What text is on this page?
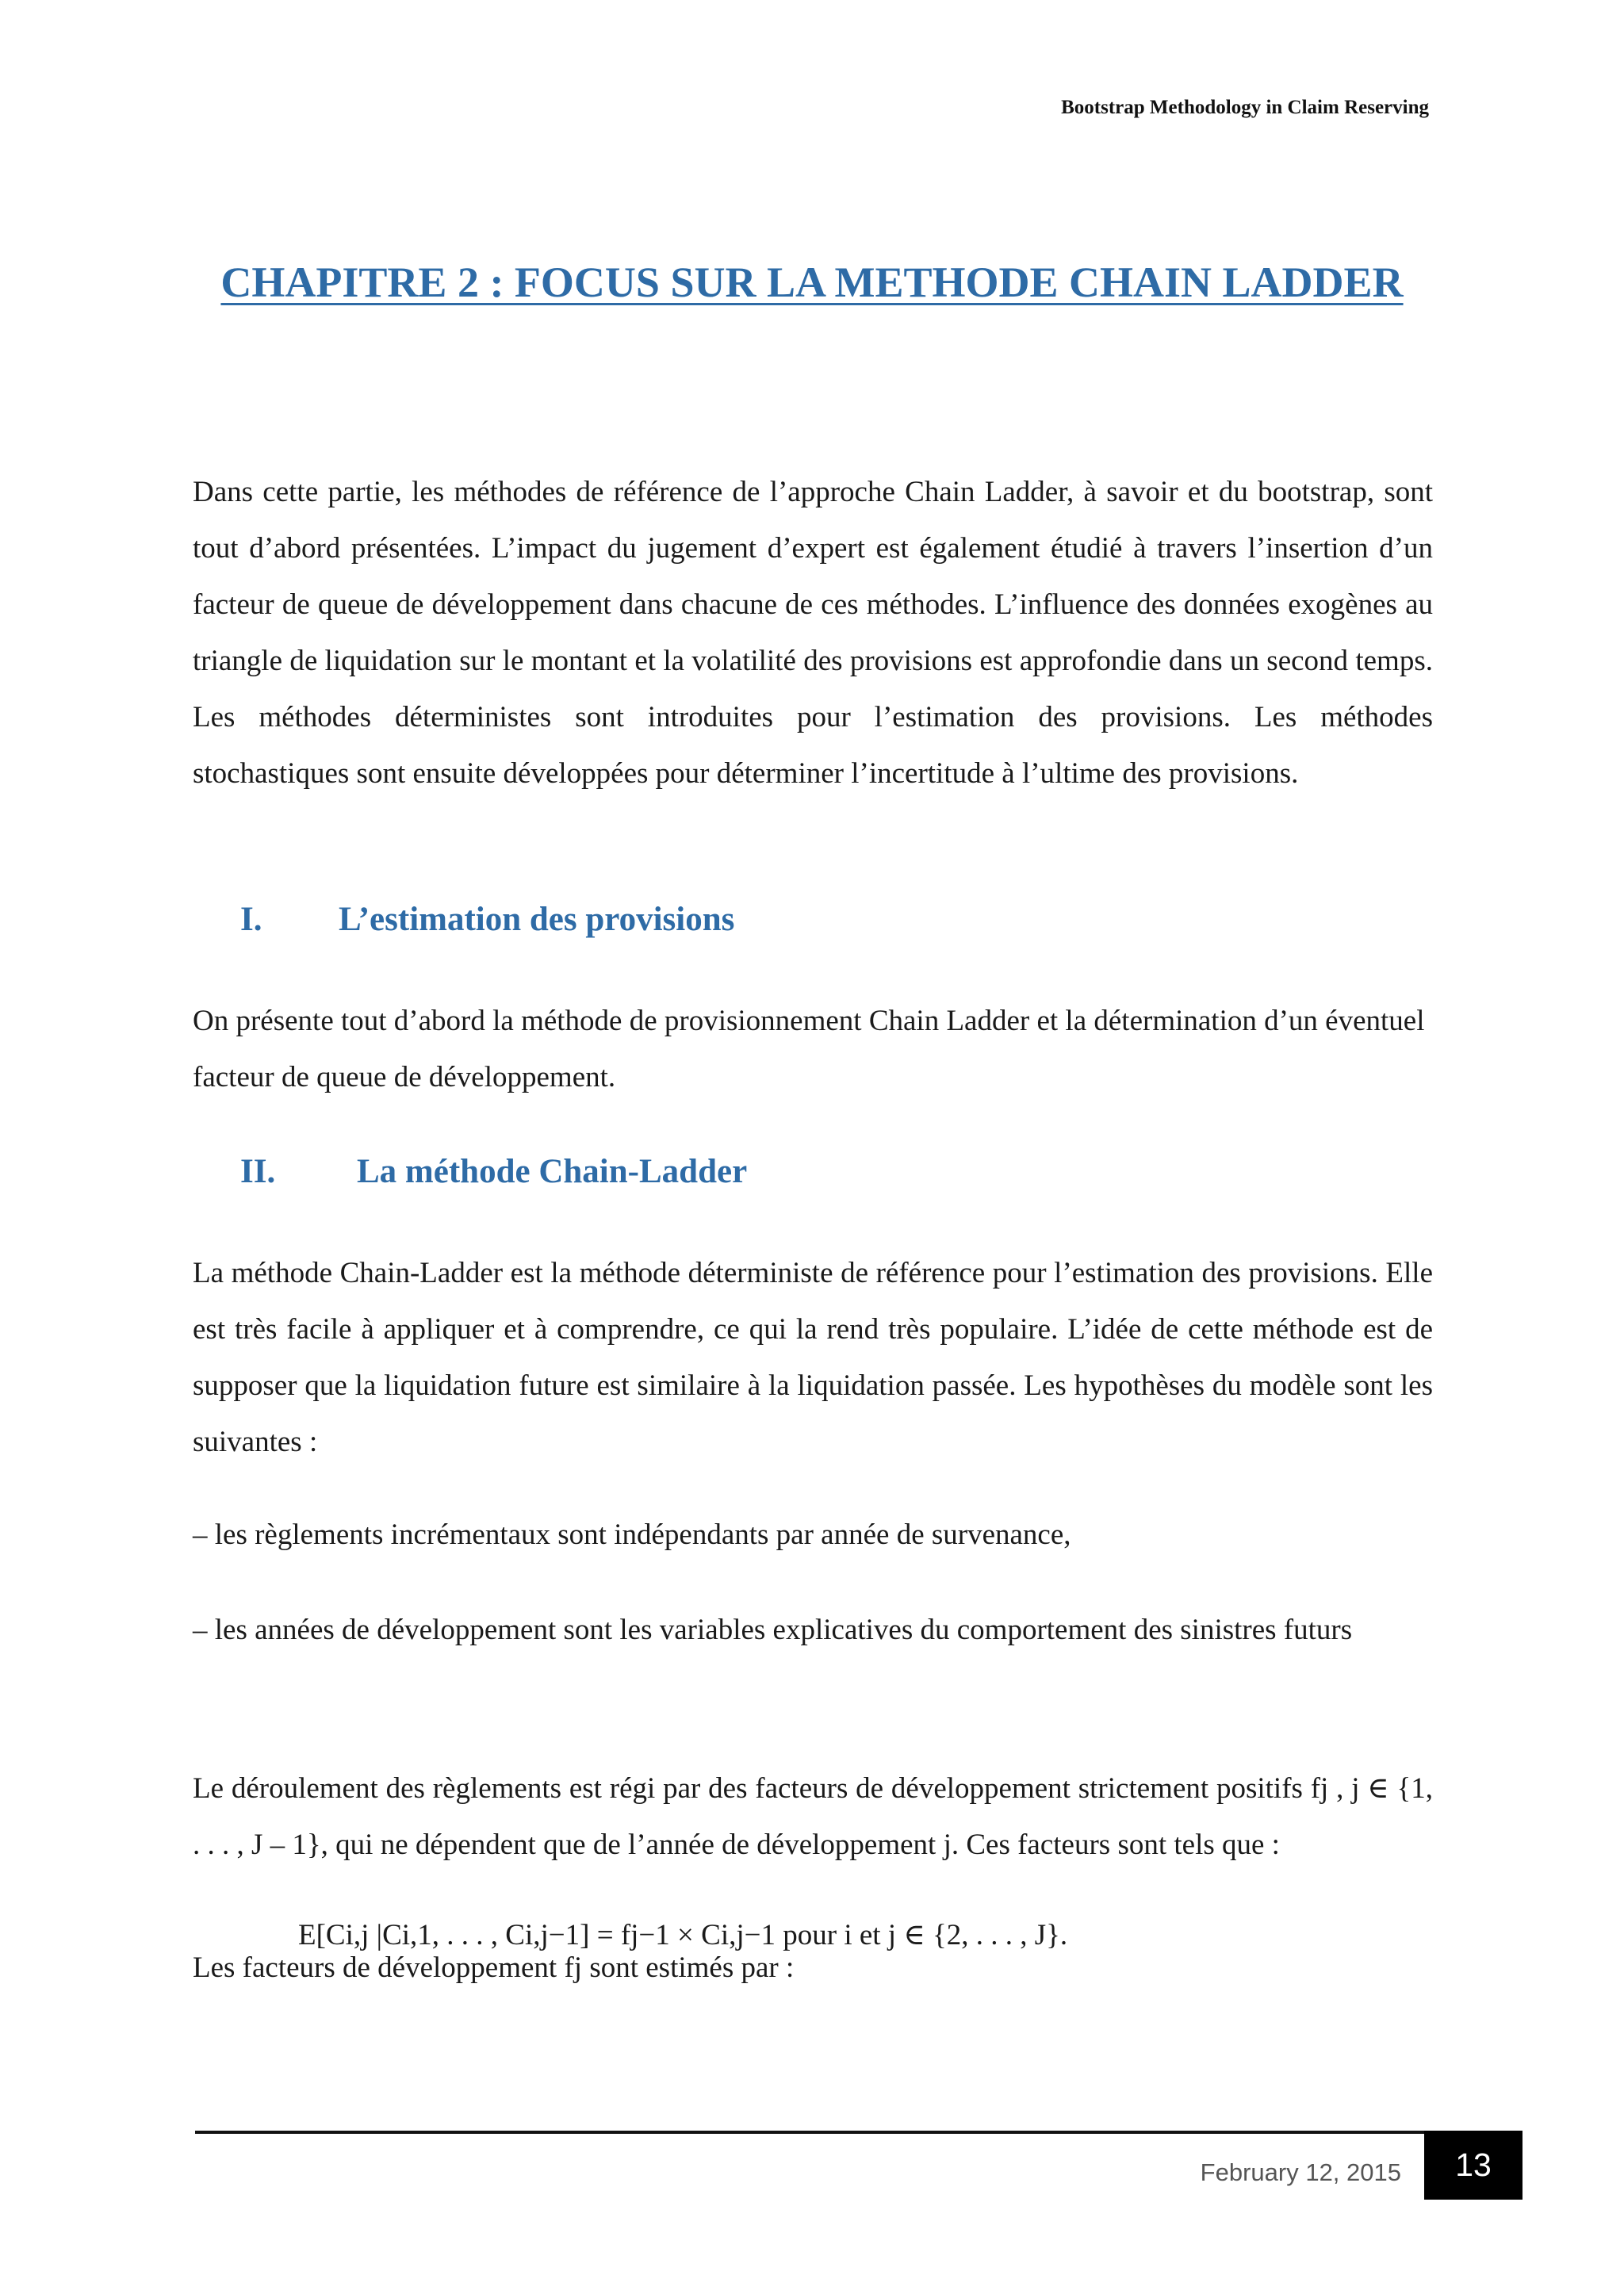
Bootstrap Methodology in Claim Reserving
CHAPITRE 2 : FOCUS SUR LA METHODE CHAIN LADDER

Dans cette partie, les méthodes de référence de l’approche Chain Ladder, à savoir et du bootstrap, sont tout d’abord présentées. L’impact du jugement d’expert est également étudié à travers l’insertion d’un facteur de queue de développement dans chacune de ces méthodes. L’influence des données exogènes au triangle de liquidation sur le montant et la volatilité des provisions est approfondie dans un second temps. Les méthodes déterministes sont introduites pour l’estimation des provisions. Les méthodes stochastiques sont ensuite développées pour déterminer l’incertitude à l’ultime des provisions.

I. L’estimation des provisions

On présente tout d’abord la méthode de provisionnement Chain Ladder et la détermination d’un éventuel facteur de queue de développement.

II. La méthode Chain-Ladder

La méthode Chain-Ladder est la méthode déterministe de référence pour l’estimation des provisions. Elle est très facile à appliquer et à comprendre, ce qui la rend très populaire. L’idée de cette méthode est de supposer que la liquidation future est similaire à la liquidation passée. Les hypothèses du modèle sont les suivantes :

– les règlements incrémentaux sont indépendants par année de survenance,

– les années de développement sont les variables explicatives du comportement des sinistres futurs

Le déroulement des règlements est régi par des facteurs de développement strictement positifs fj , j ∈ {1, . . . , J – 1}, qui ne dépendent que de l’année de développement j. Ces facteurs sont tels que :

E[Ci,j |Ci,1, . . . , Ci,j−1] = fj−1 × Ci,j−1 pour i et j ∈ {2, . . . , J}.

Les facteurs de développement fj sont estimés par :

February 12, 2015	13
